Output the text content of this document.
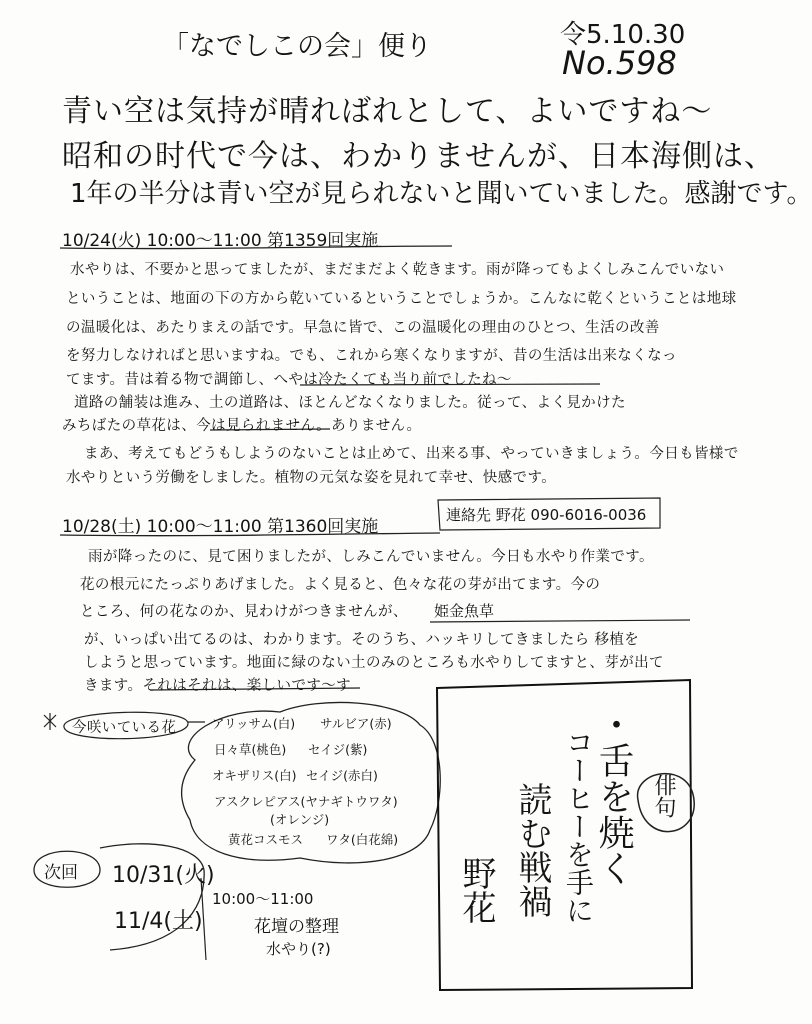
「なでしこの会」便り	令5.10.30
No.598
青い空は気持が晴ればれとして、よいですね〜
昭和の时代で今は、わかりませんが、日本海側は、
1年の半分は青い空が見られないと聞いていました。感謝です。
10/24(火) 10:00〜11:00 第1359回実施
水やりは、不要かと思ってましたが、まだまだよく乾きます。雨が降ってもよくしみこんでいない
ということは、地面の下の方から乾いているということでしょうか。こんなに乾くということは地球
の温暖化は、あたりまえの話です。早急に皆で、この温暖化の理由のひとつ、生活の改善
を努力しなければと思いますね。でも、これから寒くなりますが、昔の生活は出来なくなっ
てます。昔は着る物で調節し、へやは冷たくても当り前でしたね〜
道路の舗装は進み、土の道路は、ほとんどなくなりました。従って、よく見かけた
みちばたの草花は、今は見られません。ありません。
まあ、考えてもどうもしようのないことは止めて、出来る事、やっていきましょう。今日も皆様で
水やりという労働をしました。植物の元気な姿を見れて幸せ、快感です。
10/28(土) 10:00〜11:00 第1360回実施
連絡先 野花 090-6016-0036
雨が降ったのに、見て困りましたが、しみこんでいません。今日も水やり作業です。
花の根元にたっぷりあげました。よく見ると、色々な花の芽が出てます。今の
ところ、何の花なのか、見わけがつきませんが、 姫金魚草
が、いっぱい出てるのは、わかります。そのうち、ハッキリしてきましたら 移植を
しようと思っています。地面に緑のない土のみのところも水やりしてますと、芽が出て
きます。それはそれは、楽しいです〜す
今咲いている花	アリッサム(白) サルビア(赤)
日々草(桃色) セイジ(紫)
オキザリス(白) セイジ(赤白)
アスクレピアス(ヤナギトウワタ)
(オレンジ)
黄花コスモス ワタ(白花綿)
次回 10/31(火)
11/4(土)
10:00〜11:00
花壇の整理
水やり(?)
俳句
・舌を焼く
コーヒーを手に
読む戦禍
野花
